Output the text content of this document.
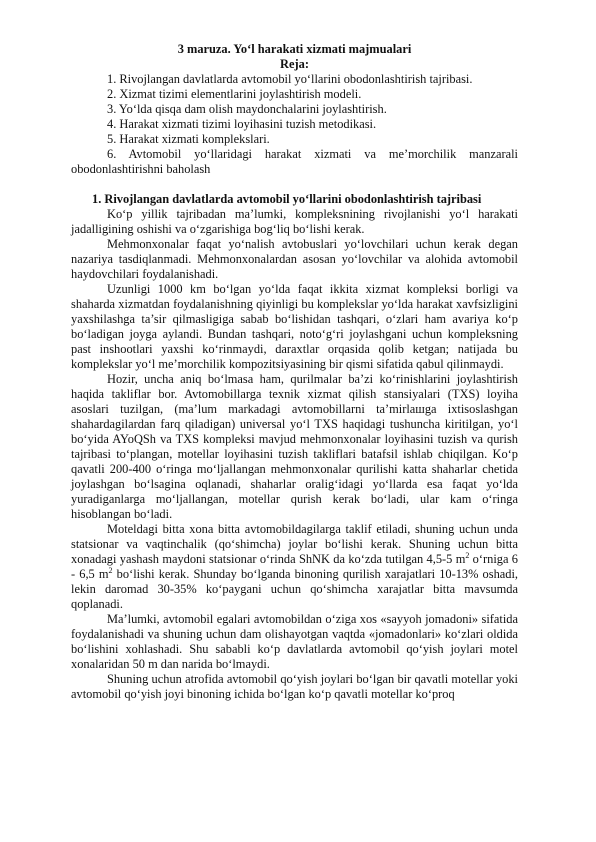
3 maruza. Yo‘l harakati xizmati majmualari
Reja:
1. Rivojlangan davlatlarda avtomobil yo‘llarini obodonlashtirish tajribasi.
2. Xizmat tizimi elementlarini joylashtirish modeli.
3. Yo‘lda qisqa dam olish maydonchalarini joylashtirish.
4. Harakat xizmati tizimi loyihasini tuzish metodikasi.
5. Harakat xizmati komplekslari.
6. Avtomobil yo‘llaridagi harakat xizmati va me’morchilik manzarali obodonlashtirishni baholash
1. Rivojlangan davlatlarda avtomobil yo‘llarini obodonlashtirish tajribasi

Ko‘p yillik tajribadan ma’lumki, kompleksnining rivojlanishi yo‘l harakati jadalligining oshishi va o‘zgarishiga bog‘liq bo‘lishi kerak.

Mehmonxonalar faqat yo‘nalish avtobuslari yo‘lovchilari uchun kerak degan nazariya tasdiqlanmadi. Mehmonxonalardan asosan yo‘lovchilar va alohida avtomobil haydovchilari foydalanishadi.

Uzunligi 1000 km bo‘lgan yo‘lda faqat ikkita xizmat kompleksi borligi va shaharda xizmatdan foydalanishning qiyinligi bu komplekslar yo‘lda harakat xavfsizligini yaxshilashga ta’sir qilmasligiga sabab bo‘lishidan tashqari, o‘zlari ham avariya ko‘p bo‘ladigan joyga aylandi. Bundan tashqari, noto‘g‘ri joylashgani uchun kompleksning past inshootlari yaxshi ko‘rinmaydi, daraxtlar orqasida qolib ketgan; natijada bu komplekslar yo‘l me’morchilik kompozitsiyasining bir qismi sifatida qabul qilinmaydi.

Hozir, uncha aniq bo‘lmasa ham, qurilmalar ba’zi ko‘rinishlarini joylashtirish haqida takliflar bor. Avtomobillarga texnik xizmat qilish stansiyalari (TXS) loyiha asoslari tuzilgan, (ma’lum markadagi avtomobillarni ta’mirlaшga ixtisoslashgan shahardagilardan farq qiladigan) universal yo‘l TXS haqidagi tushuncha kiritilgan, yo‘l bo‘yida AYoQSh va TXS kompleksi mavjud mehmonxonalar loyihasini tuzish va qurish tajribasi to‘plangan, motellar loyihasini tuzish takliflari batafsil ishlab chiqilgan. Ko‘p qavatli 200-400 o‘ringa mo‘ljallangan mehmonxonalar qurilishi katta shaharlar chetida joylashgan bo‘lsagina oqlanadi, shaharlar oralig‘idagi yo‘llarda esa faqat yo‘lda yuradiganlarga mo‘ljallangan, motellar qurish kerak bo‘ladi, ular kam o‘ringa hisoblangan bo‘ladi.

Moteldagi bitta xona bitta avtomobildagilarga taklif etiladi, shuning uchun unda statsionar va vaqtinchalik (qo‘shimcha) joylar bo‘lishi kerak. Shuning uchun bitta xonadagi yashash maydoni statsionar o‘rinda ShNK da ko‘zda tutilgan 4,5-5 $m^2$ o‘rniga 6 - 6,5 $m^2$ bo‘lishi kerak. Shunday bo‘lganda binoning qurilish xarajatlari 10-13% oshadi, lekin daromad 30-35% ko‘paygani uchun qo‘shimcha xarajatlar bitta mavsumda qoplanadi.

Ma’lumki, avtomobil egalari avtomobildan o‘ziga xos «sayyoh jomadoni» sifatida foydalanishadi va shuning uchun dam olishayotgan vaqtda «jomadonlari» ko‘zlari oldida bo‘lishini xohlashadi. Shu sababli ko‘p davlatlarda avtomobil qo‘yish joylari motel xonalaridan 50 m dan narida bo‘lmaydi.

Shuning uchun atrofida avtomobil qo‘yish joylari bo‘lgan bir qavatli motellar yoki avtomobil qo‘yish joyi binoning ichida bo‘lgan ko‘p qavatli motellar ko‘proq
